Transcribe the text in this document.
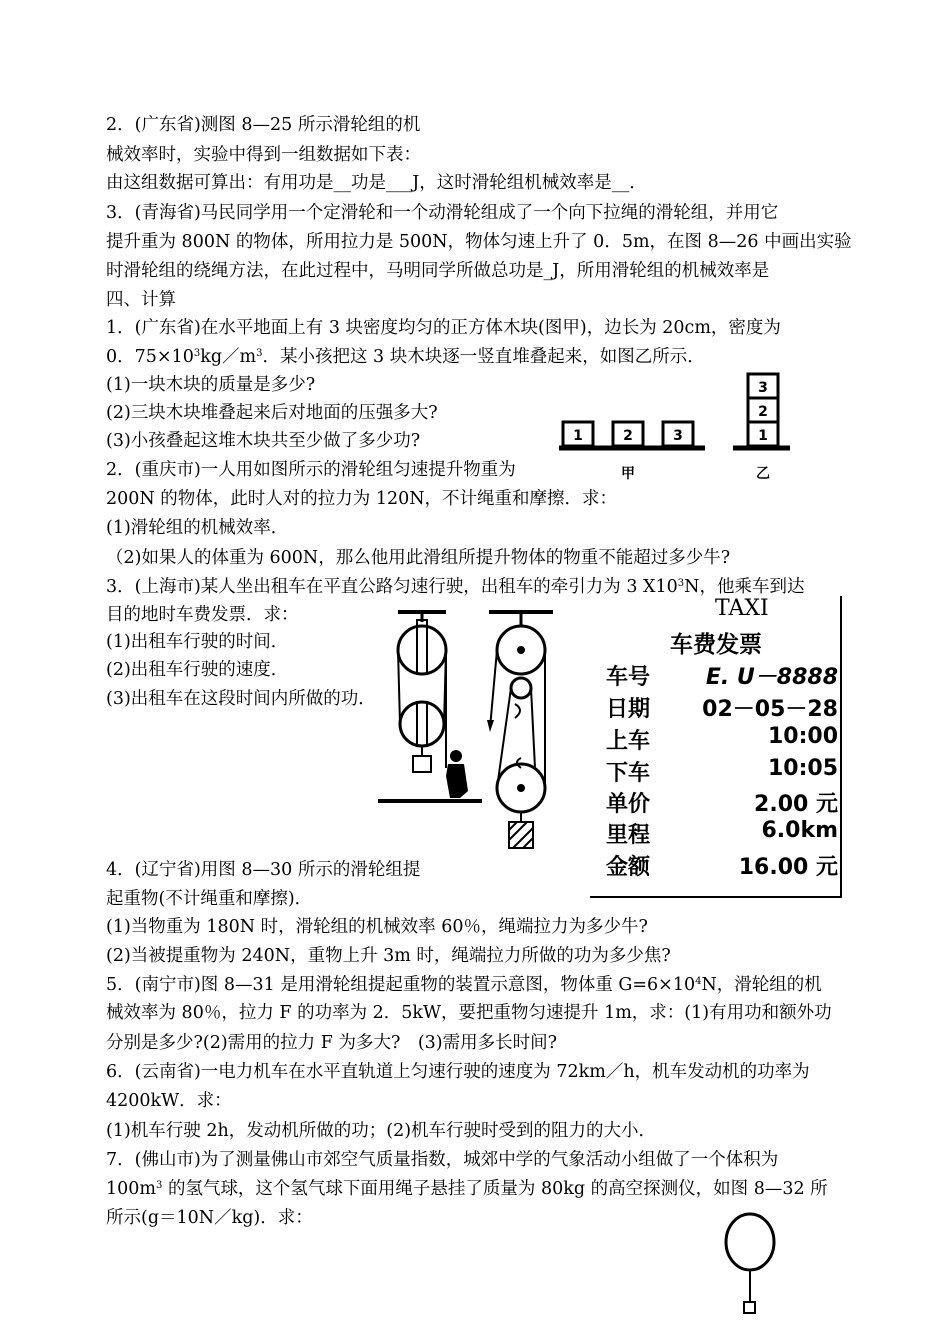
2．(广东省)测图 8—25 所示滑轮组的机
械效率时，实验中得到一组数据如下表：
由这组数据可算出：有用功是__功是___J，这时滑轮组机械效率是__．
3．(青海省)马民同学用一个定滑轮和一个动滑轮组成了一个向下拉绳的滑轮组，并用它
提升重为 800N 的物体，所用拉力是 500N，物体匀速上升了 0．5m，在图 8—26 中画出实验
时滑轮组的绕绳方法，在此过程中，马明同学所做总功是_J，所用滑轮组的机械效率是
四、计算
1．(广东省)在水平地面上有 3 块密度均匀的正方体木块(图甲)，边长为 20cm，密度为
0．$75\times 10^3kg/m^3$．某小孩把这 3 块木块逐一竖直堆叠起来，如图乙所示．
(1)一块木块的质量是多少?
(2)三块木块堆叠起来后对地面的压强多大?
(3)小孩叠起这堆木块共至少做了多少功?
2．(重庆市)一人用如图所示的滑轮组匀速提升物重为
200N 的物体，此时人对的拉力为 120N，不计绳重和摩擦．求：
(1)滑轮组的机械效率．
（2)如果人的体重为 600N，那么他用此滑组所提升物体的物重不能超过多少牛?
3．(上海市)某人坐出租车在平直公路匀速行驶，出租车的牵引力为 3 $X10^3N$，他乘车到达
目的地时车费发票．求：
(1)出租车行驶的时间．
(2)出租车行驶的速度．
(3)出租车在这段时间内所做的功．
4．(辽宁省)用图 8—30 所示的滑轮组提
起重物(不计绳重和摩擦)．
(1)当物重为 180N 时，滑轮组的机械效率 60％，绳端拉力为多少牛?
(2)当被提重物为 240N，重物上升 3m 时，绳端拉力所做的功为多少焦?
5．(南宁市)图 8—31 是用滑轮组提起重物的装置示意图，物体重 $G=6\times 10^4N$，滑轮组的机
械效率为 80％，拉力 F 的功率为 2．5kW，要把重物匀速提升 1m，求：(1)有用功和额外功
分别是多少?(2)需用的拉力 F 为多大?　(3)需用多长时间?
6．(云南省)一电力机车在水平直轨道上匀速行驶的速度为 72km／h，机车发动机的功率为
4200kW．求：
(1)机车行驶 2h，发动机所做的功；(2)机车行驶时受到的阻力的大小．
7．(佛山市)为了测量佛山市郊空气质量指数，城郊中学的气象活动小组做了一个体积为
$100m^3$ 的氢气球，这个氢气球下面用绳子悬挂了质量为 80kg 的高空探测仪，如图 8—32 所
所示(g＝10N／kg)．求：
1	2	3
3
2
1
甲	乙
TAXI
车费发票
车号	E. U－8888
日期 02－05－28
上车	10:00
下车	10:05
单价	2.00 元
里程	6.0km
金额	16.00 元
